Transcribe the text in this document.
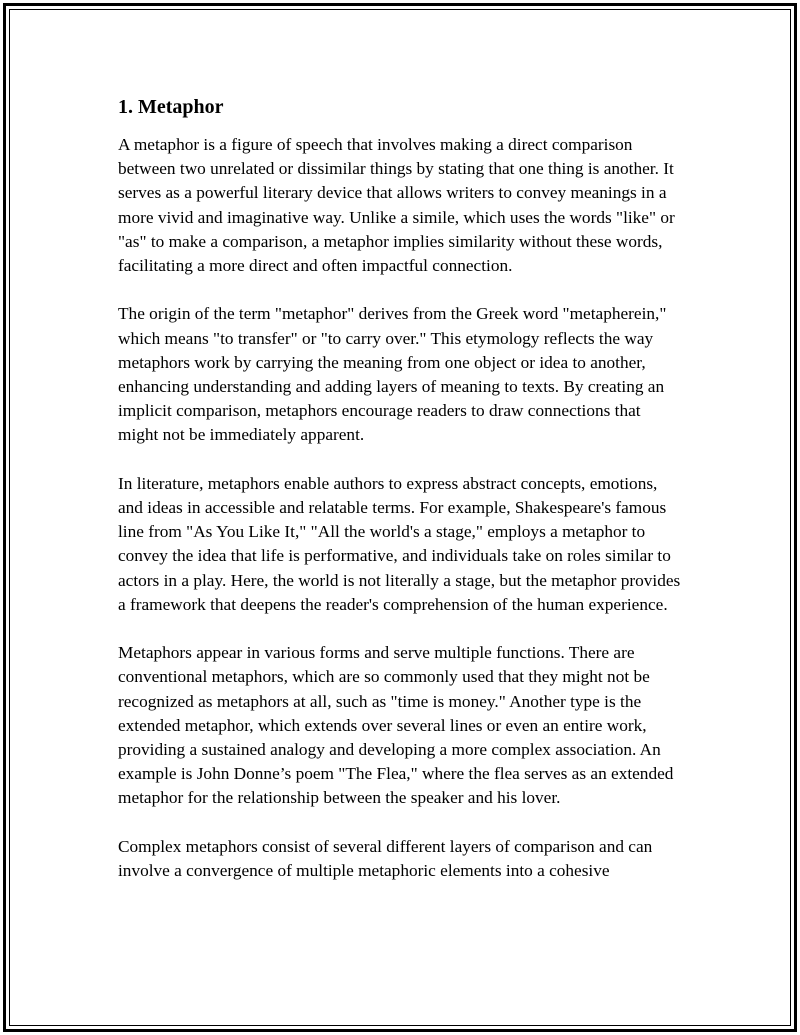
1. Metaphor

A metaphor is a figure of speech that involves making a direct comparison between two unrelated or dissimilar things by stating that one thing is another. It serves as a powerful literary device that allows writers to convey meanings in a more vivid and imaginative way. Unlike a simile, which uses the words "like" or "as" to make a comparison, a metaphor implies similarity without these words, facilitating a more direct and often impactful connection.

The origin of the term "metaphor" derives from the Greek word "metapherein," which means "to transfer" or "to carry over." This etymology reflects the way metaphors work by carrying the meaning from one object or idea to another, enhancing understanding and adding layers of meaning to texts. By creating an implicit comparison, metaphors encourage readers to draw connections that might not be immediately apparent.

In literature, metaphors enable authors to express abstract concepts, emotions, and ideas in accessible and relatable terms. For example, Shakespeare's famous line from "As You Like It," "All the world's a stage," employs a metaphor to convey the idea that life is performative, and individuals take on roles similar to actors in a play. Here, the world is not literally a stage, but the metaphor provides a framework that deepens the reader's comprehension of the human experience.

Metaphors appear in various forms and serve multiple functions. There are conventional metaphors, which are so commonly used that they might not be recognized as metaphors at all, such as "time is money." Another type is the extended metaphor, which extends over several lines or even an entire work, providing a sustained analogy and developing a more complex association. An example is John Donne’s poem "The Flea," where the flea serves as an extended metaphor for the relationship between the speaker and his lover.

Complex metaphors consist of several different layers of comparison and can involve a convergence of multiple metaphoric elements into a cohesive
